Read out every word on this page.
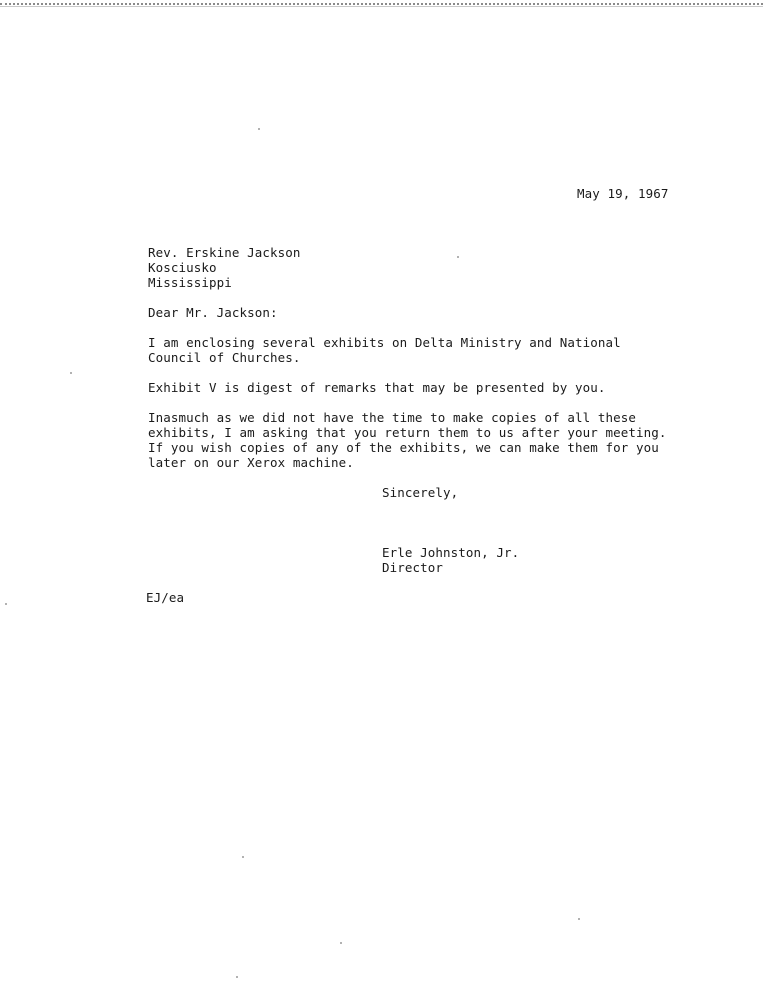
May 19, 1967
Rev. Erskine Jackson
Kosciusko
Mississippi
Dear Mr. Jackson:
I am enclosing several exhibits on Delta Ministry and National
Council of Churches.
Exhibit V is digest of remarks that may be presented by you.
Inasmuch as we did not have the time to make copies of all these
exhibits, I am asking that you return them to us after your meeting.
If you wish copies of any of the exhibits, we can make them for you
later on our Xerox machine.
Sincerely,
Erle Johnston, Jr.
Director
EJ/ea
